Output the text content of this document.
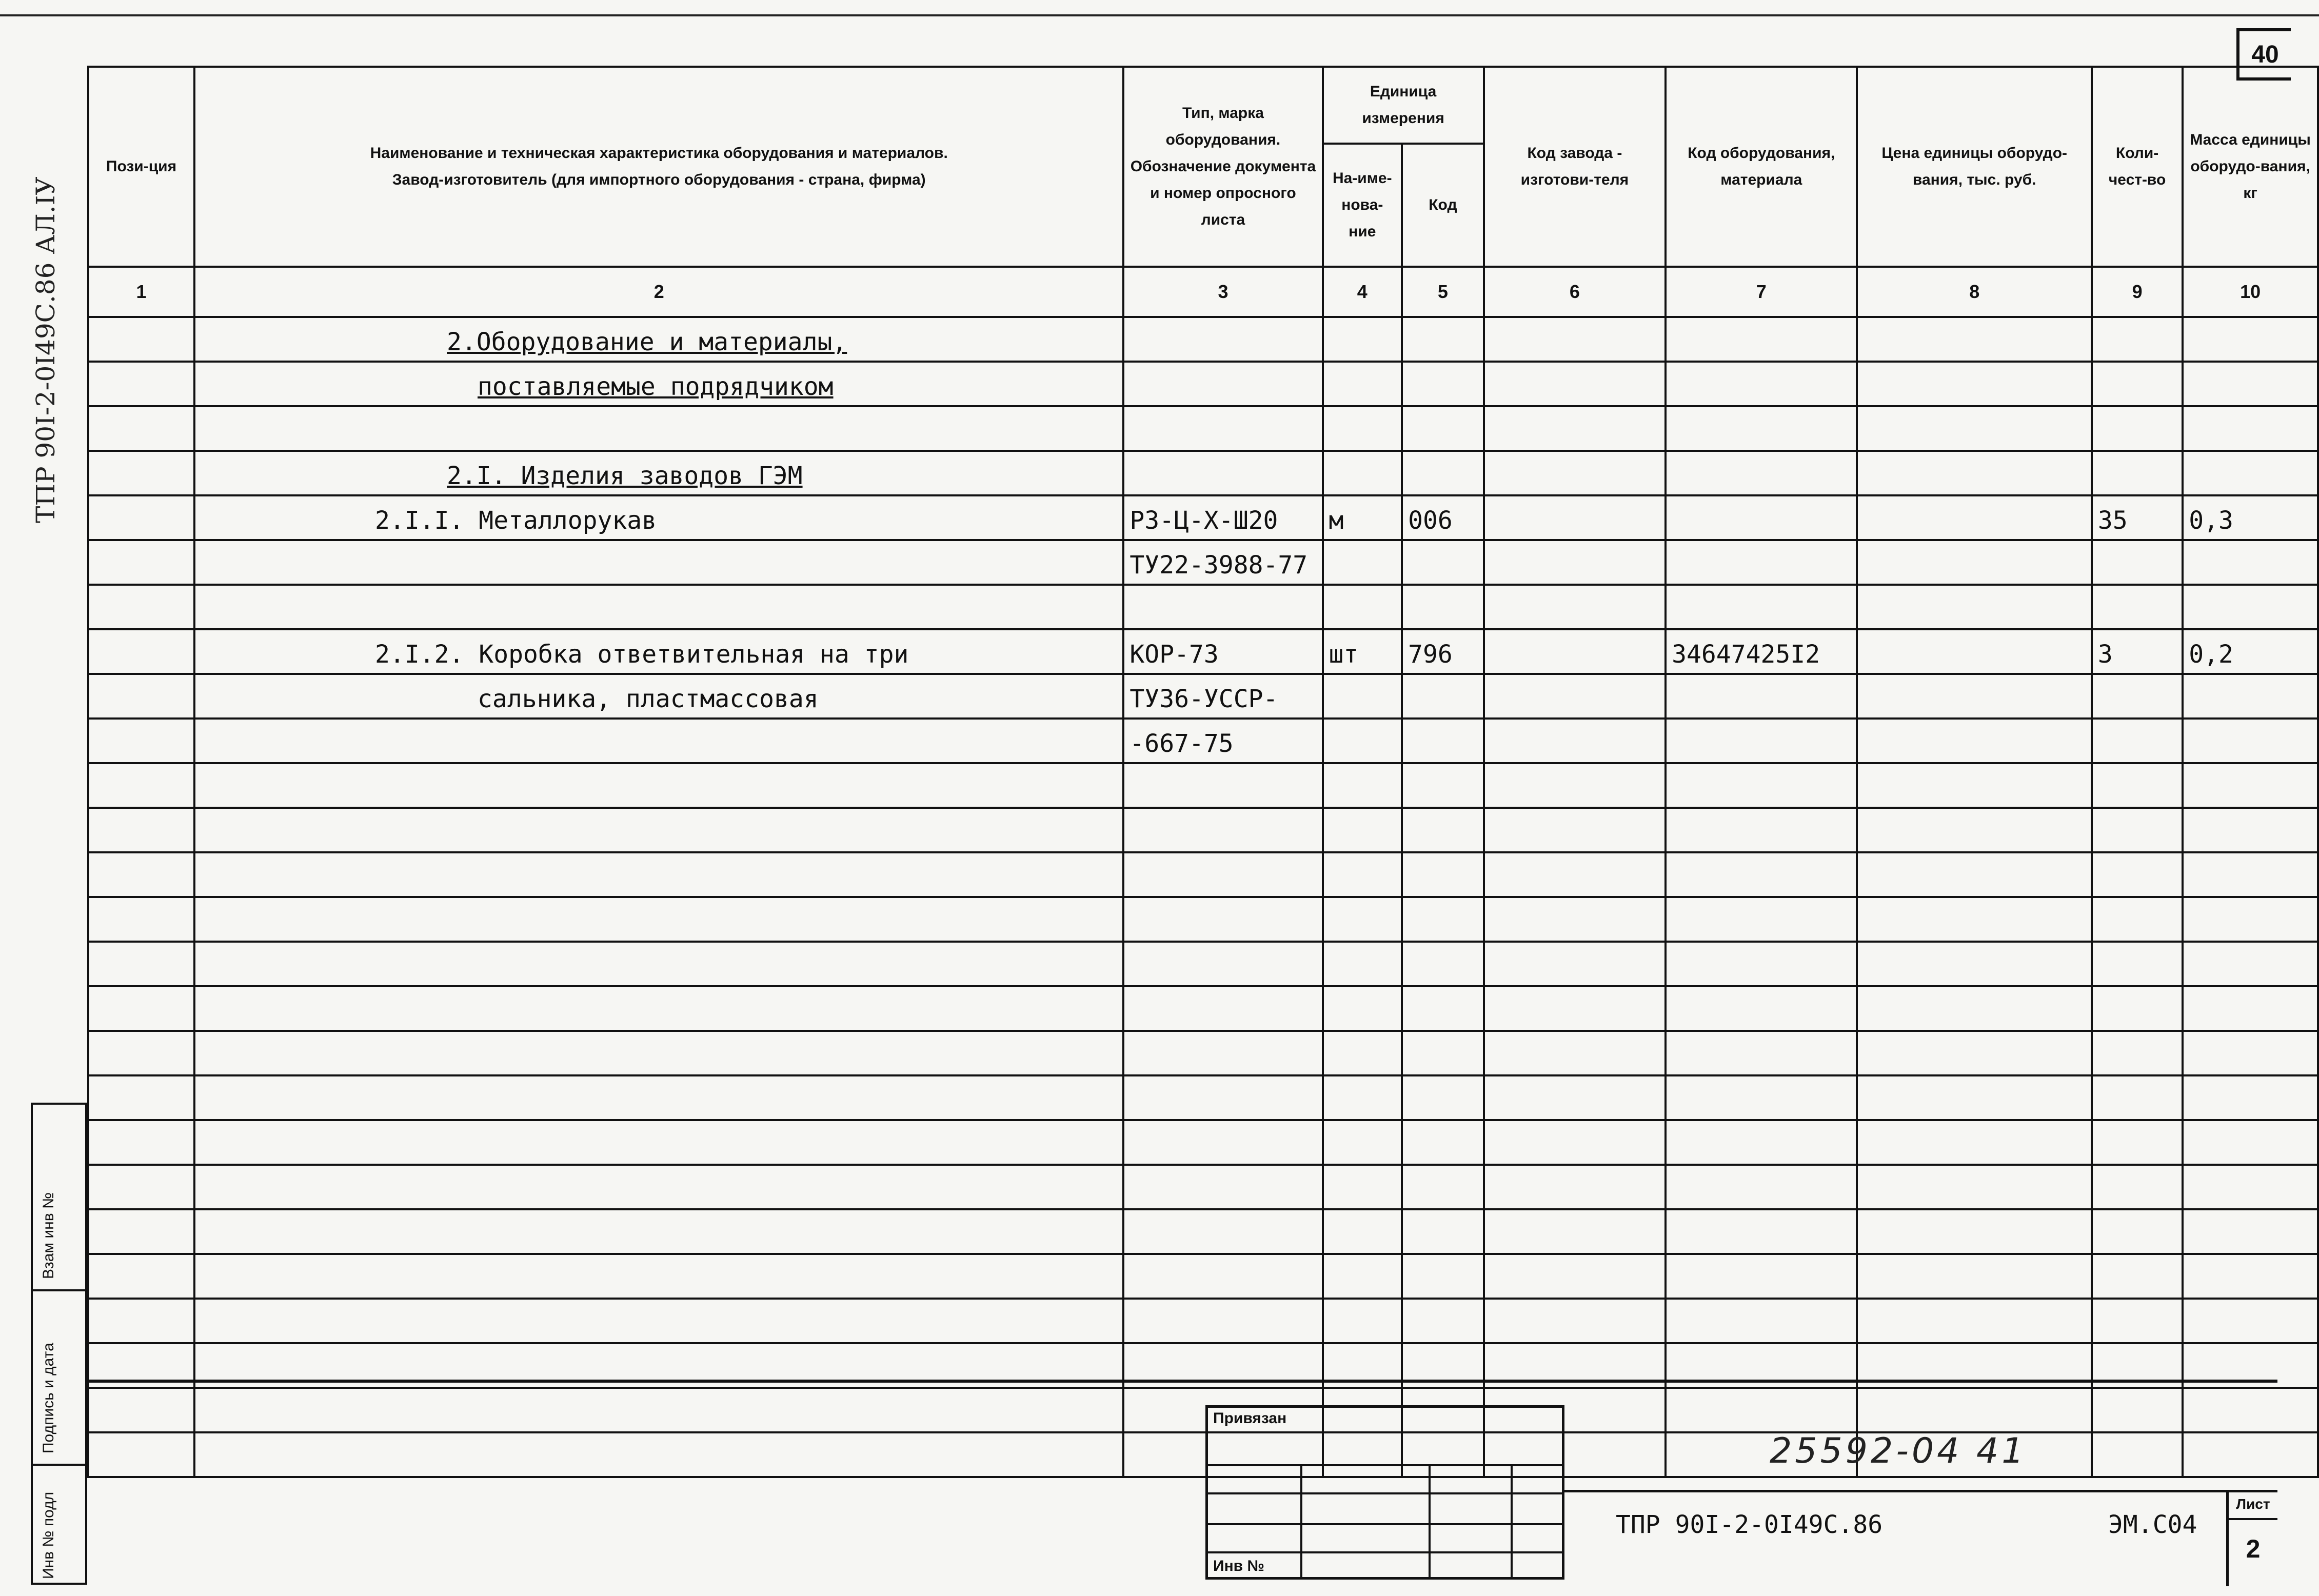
40
ТПР 90I-2-0I49С.86 АЛ.IУ
Пози-ция	Наименование и техническая характеристика оборудования и материалов.
Завод-изготовитель (для импортного оборудования - страна, фирма)	Тип, марка оборудования. Обозначение документа и номер опросного листа	Единица измерения		Код завода - изготови-теля	Код оборудования, материала	Цена единицы оборудо-вания, тыс. руб.	Коли-чест-во	Масса единицы оборудо-вания, кг
			На-име-нова-ние	Код					
1	2	3	4	5	6	7	8	9	10
	2.Оборудование и материалы,								
	поставляемые подрядчиком								

	2.I. Изделия заводов ГЭМ								
	2.I.I. Металлорукав	РЗ-Ц-Х-Ш20	м	006				35	0,3
		ТУ22-3988-77							

	2.I.2. Коробка ответвительная на три	КОР-73	шт	796		34647425I2		3	0,2
	сальника, пластмассовая	ТУ36-УССР-							
		-667-75							

Взам инв №
Подпись и дата
Инв № подл
Привязан
Инв №
25592-04 41
ТПР 90I-2-0I49С.86	ЭМ.С04
Лист
2
